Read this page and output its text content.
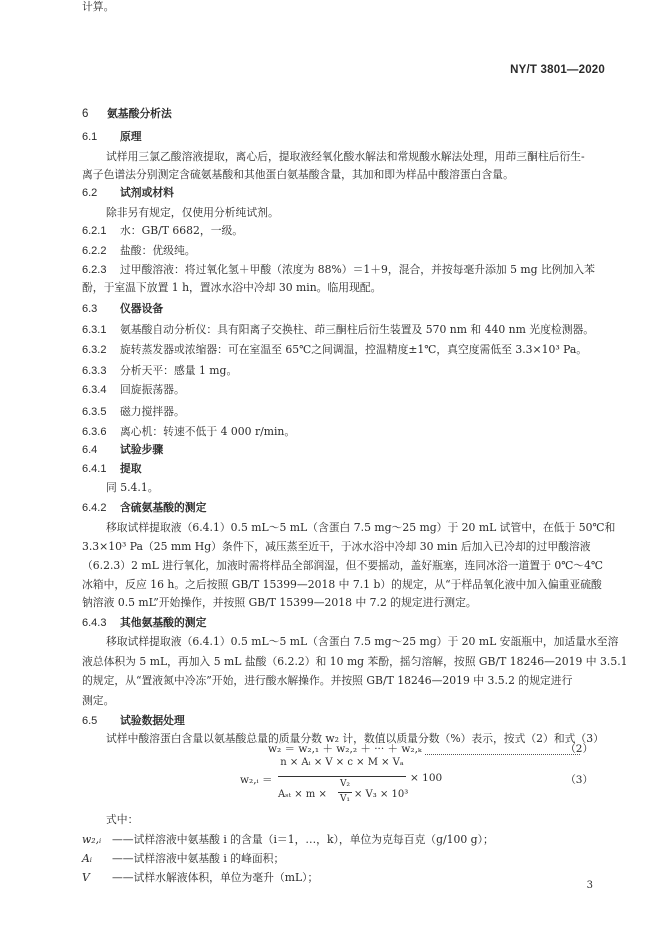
NY/T 3801—2020
6 氨基酸分析法
6.1 原理
试样用三氯乙酸溶液提取，离心后，提取液经氧化酸水解法和常规酸水解法处理，用茚三酮柱后衍生-
离子色谱法分别测定含硫氨基酸和其他蛋白氨基酸含量，其加和即为样品中酸溶蛋白含量。
6.2 试剂或材料
除非另有规定，仅使用分析纯试剂。
6.2.1 水：GB/T 6682，一级。
6.2.2 盐酸：优级纯。
6.2.3 过甲酸溶液：将过氧化氢＋甲酸（浓度为 88%）＝1＋9，混合，并按每毫升添加 5 mg 比例加入苯
酚，于室温下放置 1 h，置冰水浴中冷却 30 min。临用现配。
6.3 仪器设备
6.3.1 氨基酸自动分析仪：具有阳离子交换柱、茚三酮柱后衍生装置及 570 nm 和 440 nm 光度检测器。
6.3.2 旋转蒸发器或浓缩器：可在室温至 65℃之间调温，控温精度±1℃，真空度需低至 3.3×10³ Pa。
6.3.3 分析天平：感量 1 mg。
6.3.4 回旋振荡器。
6.3.5 磁力搅拌器。
6.3.6 离心机：转速不低于 4 000 r/min。
6.4 试验步骤
6.4.1 提取
同 5.4.1。
6.4.2 含硫氨基酸的测定
移取试样提取液（6.4.1）0.5 mL～5 mL（含蛋白 7.5 mg～25 mg）于 20 mL 试管中，在低于 50℃和
3.3×10³ Pa（25 mm Hg）条件下，减压蒸至近干，于冰水浴中冷却 30 min 后加入已冷却的过甲酸溶液
（6.2.3）2 mL 进行氧化，加液时需将样品全部润湿，但不要摇动，盖好瓶塞，连同冰浴一道置于 0℃～4℃
冰箱中，反应 16 h。之后按照 GB/T 15399—2018 中 7.1 b）的规定，从“于样品氧化液中加入偏重亚硫酸
钠溶液 0.5 mL”开始操作，并按照 GB/T 15399—2018 中 7.2 的规定进行测定。
6.4.3 其他氨基酸的测定
移取试样提取液（6.4.1）0.5 mL～5 mL（含蛋白 7.5 mg～25 mg）于 20 mL 安瓿瓶中，加适量水至溶
液总体积为 5 mL，再加入 5 mL 盐酸（6.2.2）和 10 mg 苯酚，摇匀溶解，按照 GB/T 18246—2019 中 3.5.1
的规定，从“置液氮中冷冻”开始，进行酸水解操作。并按照 GB/T 18246—2019 中 3.5.2 的规定进行
测定。
6.5 试验数据处理
试样中酸溶蛋白含量以氨基酸总量的质量分数 w₂ 计，数值以质量分数（%）表示，按式（2）和式（3）
计算。
w₂ ＝ w₂,₁ ＋ w₂,₂ ＋ ··· ＋ w₂,ₖ	（2）
w₂,ᵢ ＝
n × Aᵢ × V × c × M × Vₐ
Aₛₜ × m ×
V₂
V₁ × V₃ × 10³
× 100	（3）
式中：
w₂,ᵢ ——试样溶液中氨基酸 i 的含量（i＝1，…，k），单位为克每百克（g/100 g）；
Aᵢ ——试样溶液中氨基酸 i 的峰面积；
V ——试样水解液体积，单位为毫升（mL）；
3
